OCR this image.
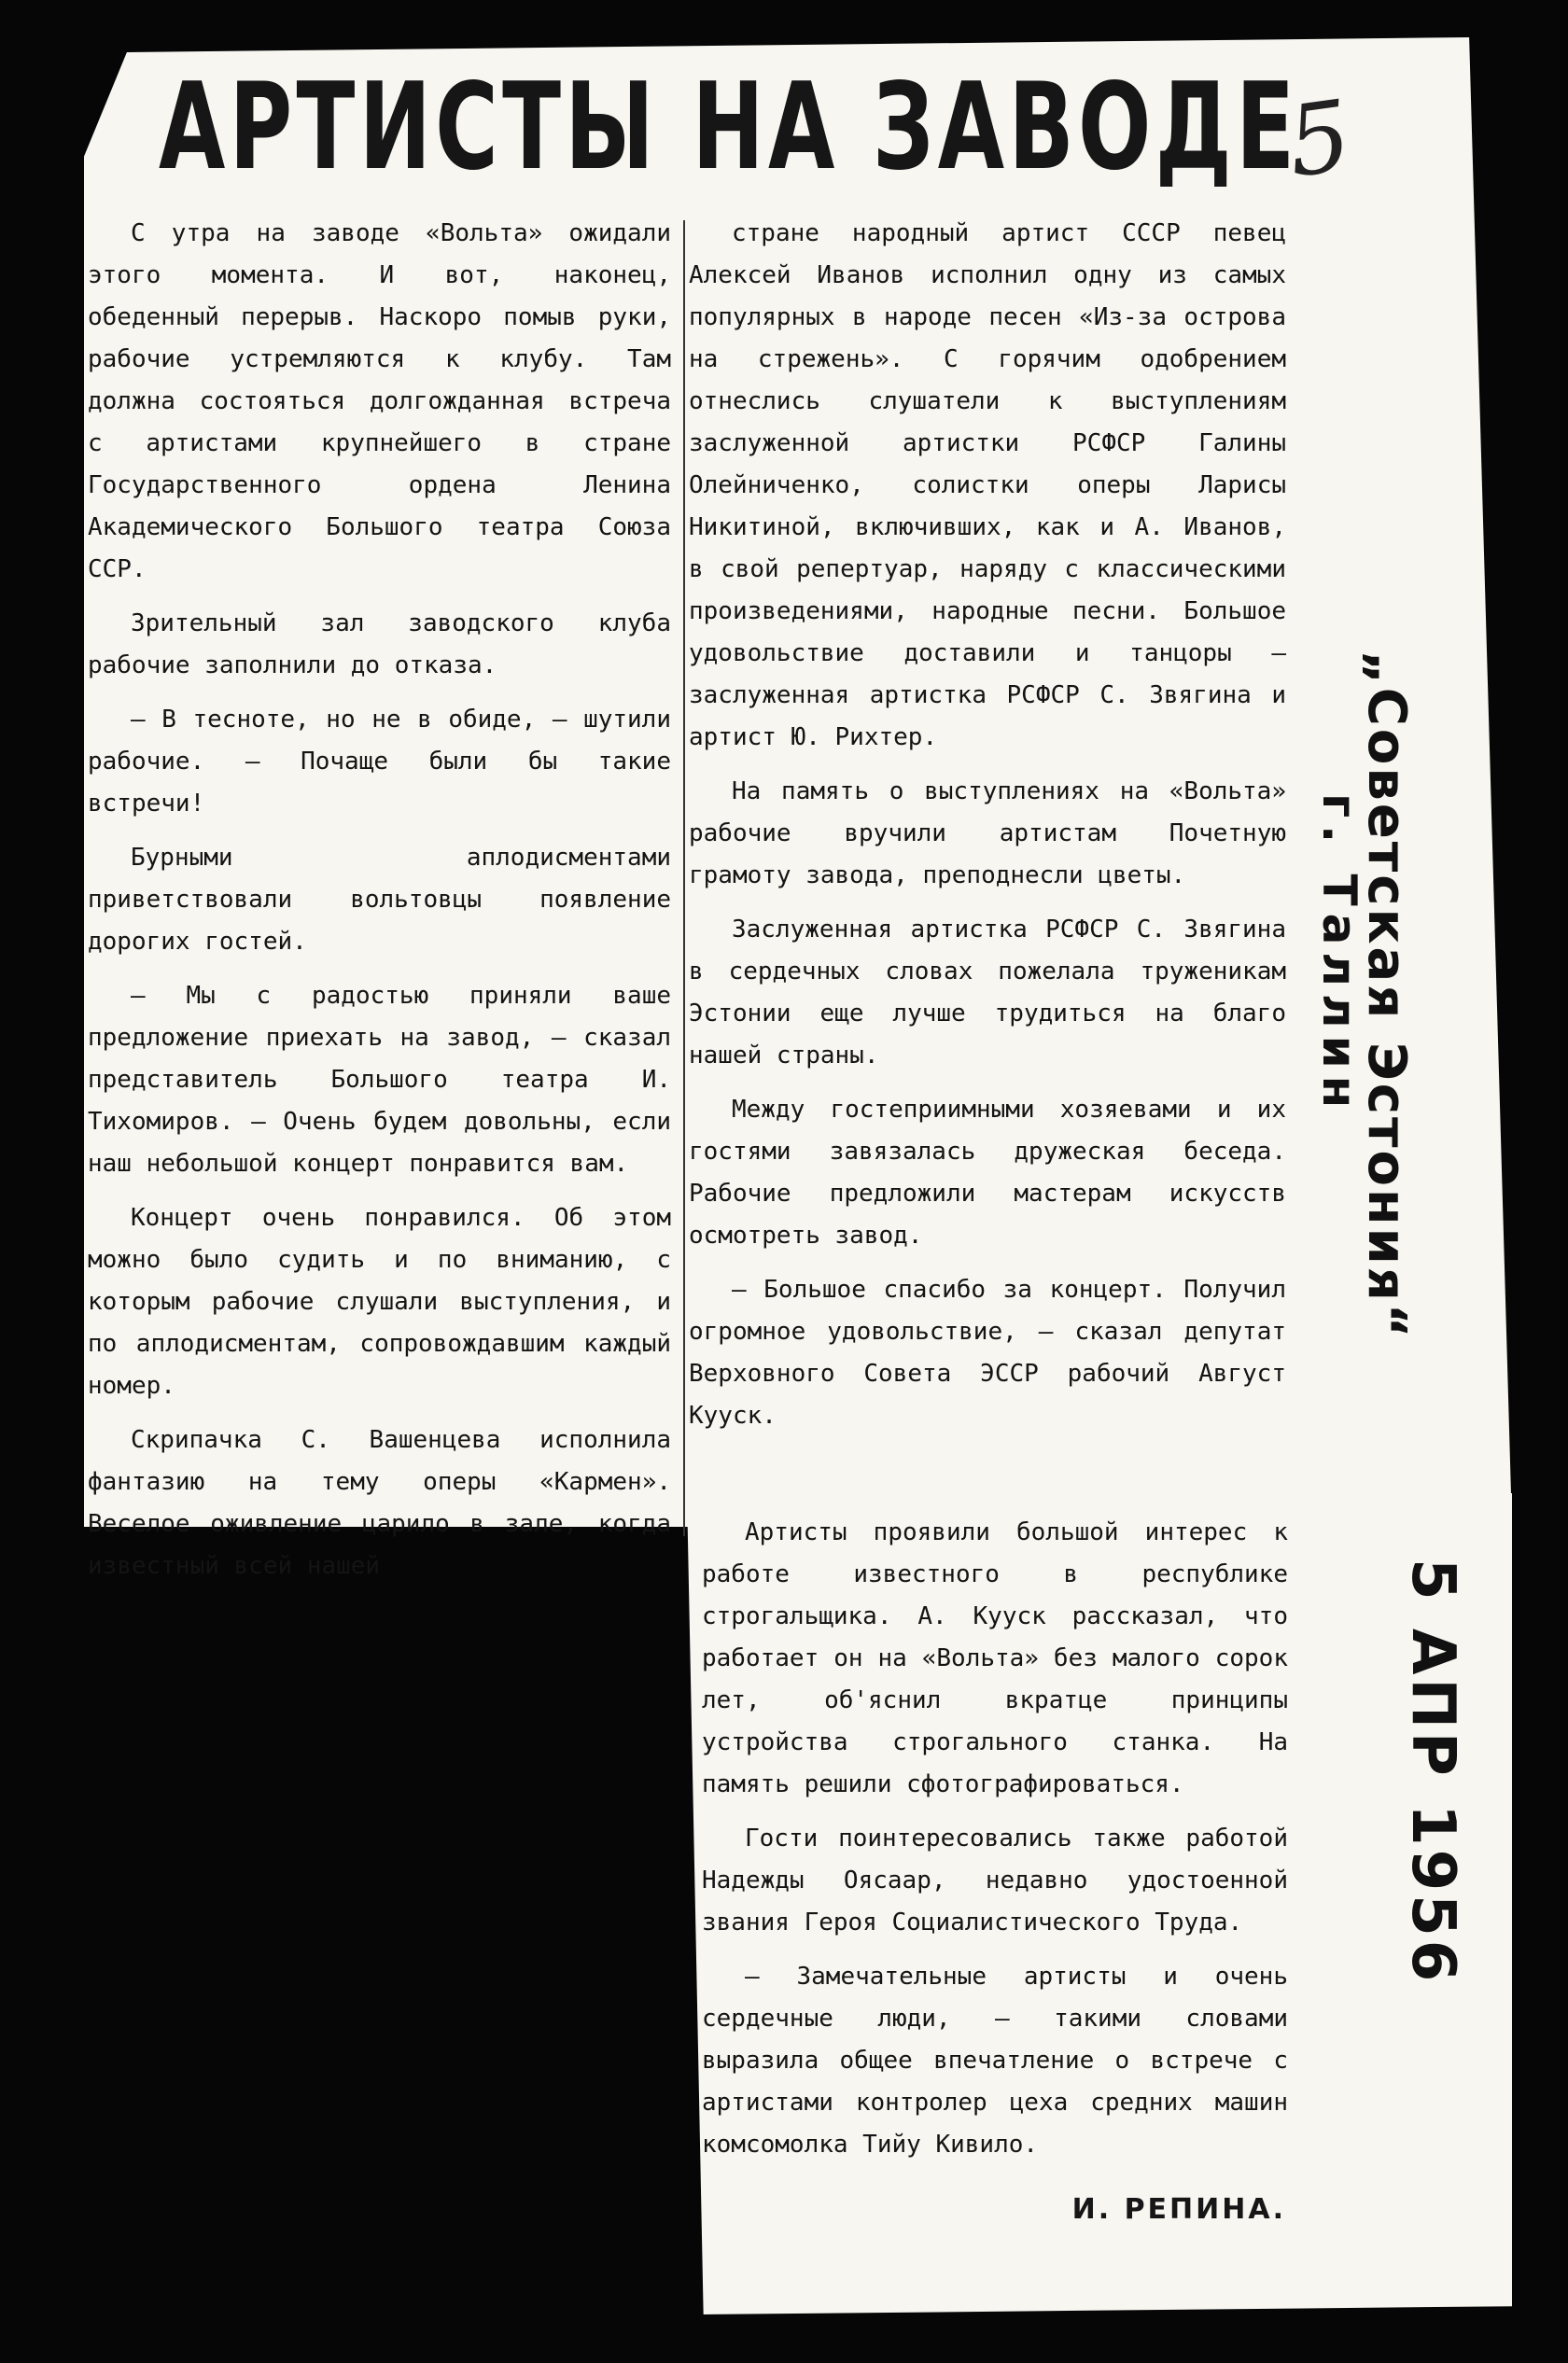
АРТИСТЫ НА ЗАВОДЕ
5

С утра на заводе «Вольта» ожидали этого момента. И вот, наконец, обеденный перерыв. Наскоро помыв руки, рабочие устремляются к клубу. Там должна состояться долгожданная встреча с артистами крупнейшего в стране Государственного ордена Ленина Академического Большого театра Союза ССР.

Зрительный зал заводского клуба рабочие заполнили до отказа.

— В тесноте, но не в обиде, — шутили рабочие. — Почаще были бы такие встречи!

Бурными аплодисментами приветствовали вольтовцы появление дорогих гостей.

— Мы с радостью приняли ваше предложение приехать на завод, — сказал представитель Большого театра И. Тихомиров. — Очень будем довольны, если наш небольшой концерт понравится вам.

Концерт очень понравился. Об этом можно было судить и по вниманию, с которым рабочие слушали выступления, и по аплодисментам, сопровождавшим каждый номер.

Скрипачка С. Вашенцева исполнила фантазию на тему оперы «Кармен». Веселое оживление царило в зале, когда известный всей нашей

стране народный артист СССР певец Алексей Иванов исполнил одну из самых популярных в народе песен «Из-за острова на стрежень». С горячим одобрением отнеслись слушатели к выступлениям заслуженной артистки РСФСР Галины Олейниченко, солистки оперы Ларисы Никитиной, включивших, как и А. Иванов, в свой репертуар, наряду с классическими произведениями, народные песни. Большое удовольствие доставили и танцоры — заслуженная артистка РСФСР С. Звягина и артист Ю. Рихтер.

На память о выступлениях на «Вольта» рабочие вручили артистам Почетную грамоту завода, преподнесли цветы.

Заслуженная артистка РСФСР С. Звягина в сердечных словах пожелала труженикам Эстонии еще лучше трудиться на благо нашей страны.

Между гостеприимными хозяевами и их гостями завязалась дружеская беседа. Рабочие предложили мастерам искусств осмотреть завод.

— Большое спасибо за концерт. Получил огромное удовольствие, — сказал депутат Верховного Совета ЭССР рабочий Август Кууск.

Артисты проявили большой интерес к работе известного в республике строгальщика. А. Кууск рассказал, что работает он на «Вольта» без малого сорок лет, об'яснил вкратце принципы устройства строгального станка. На память решили сфотографироваться.

Гости поинтересовались также работой Надежды Оясаар, недавно удостоенной звания Героя Социалистического Труда.

— Замечательные артисты и очень сердечные люди, — такими словами выразила общее впечатление о встрече с артистами контролер цеха средних машин комсомолка Тийу Кивило.

И. РЕПИНА.

„Советская Эстония“
г. Таллин
5 АПР 1956
